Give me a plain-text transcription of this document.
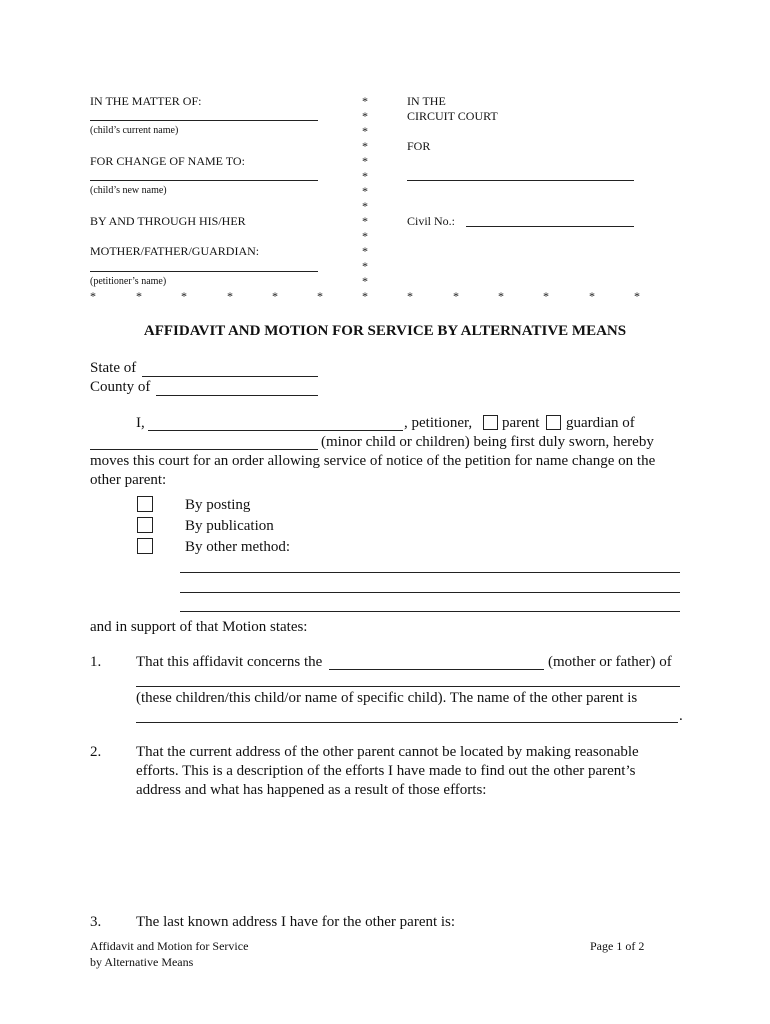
IN THE MATTER OF:
(child’s current name)
FOR CHANGE OF NAME TO:
(child’s new name)
BY AND THROUGH HIS/HER
MOTHER/FATHER/GUARDIAN:
(petitioner’s name)
IN THE
CIRCUIT COURT
FOR
Civil No.:
*
*
*
*
*
*
*
*
*
*
*
*
*
*	*	*	*	*	*	*	*	*	*	*	*	*
AFFIDAVIT AND MOTION FOR SERVICE BY ALTERNATIVE MEANS
State of
County of
I,	, petitioner, parent guardian of
(minor child or children) being first duly sworn, hereby
moves this court for an order allowing service of notice of the petition for name change on the
other parent:
By posting
By publication
By other method:
and in support of that Motion states:
1. That this affidavit concerns the	(mother or father) of
(these children/this child/or name of specific child). The name of the other parent is
.
2. That the current address of the other parent cannot be located by making reasonable
efforts. This is a description of the efforts I have made to find out the other parent’s
address and what has happened as a result of those efforts:
3. The last known address I have for the other parent is:
Affidavit and Motion for Service
by Alternative Means
Page 1 of 2
